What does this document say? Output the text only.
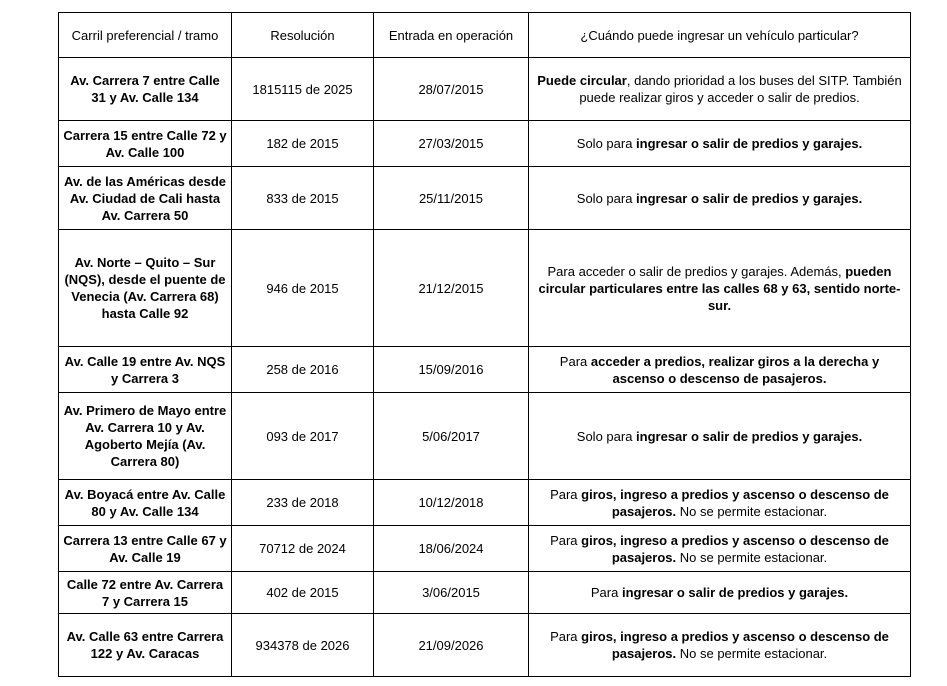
Carril preferencial / tramo	Resolución	Entrada en operación	¿Cuándo puede ingresar un vehículo particular?
Av. Carrera 7 entre Calle 31 y Av. Calle 134	1815115 de 2025	28/07/2015	Puede circular, dando prioridad a los buses del SITP. También puede realizar giros y acceder o salir de predios.
Carrera 15 entre Calle 72 y Av. Calle 100	182 de 2015	27/03/2015	Solo para ingresar o salir de predios y garajes.
Av. de las Américas desde Av. Ciudad de Cali hasta Av. Carrera 50	833 de 2015	25/11/2015	Solo para ingresar o salir de predios y garajes.
Av. Norte – Quito – Sur (NQS), desde el puente de Venecia (Av. Carrera 68) hasta Calle 92	946 de 2015	21/12/2015	Para acceder o salir de predios y garajes. Además, pueden circular particulares entre las calles 68 y 63, sentido norte-sur.
Av. Calle 19 entre Av. NQS y Carrera 3	258 de 2016	15/09/2016	Para acceder a predios, realizar giros a la derecha y ascenso o descenso de pasajeros.
Av. Primero de Mayo entre Av. Carrera 10 y Av. Agoberto Mejía (Av. Carrera 80)	093 de 2017	5/06/2017	Solo para ingresar o salir de predios y garajes.
Av. Boyacá entre Av. Calle 80 y Av. Calle 134	233 de 2018	10/12/2018	Para giros, ingreso a predios y ascenso o descenso de pasajeros. No se permite estacionar.
Carrera 13 entre Calle 67 y Av. Calle 19	70712 de 2024	18/06/2024	Para giros, ingreso a predios y ascenso o descenso de pasajeros. No se permite estacionar.
Calle 72 entre Av. Carrera 7 y Carrera 15	402 de 2015	3/06/2015	Para ingresar o salir de predios y garajes.
Av. Calle 63 entre Carrera 122 y Av. Caracas	934378 de 2026	21/09/2026	Para giros, ingreso a predios y ascenso o descenso de pasajeros. No se permite estacionar.
